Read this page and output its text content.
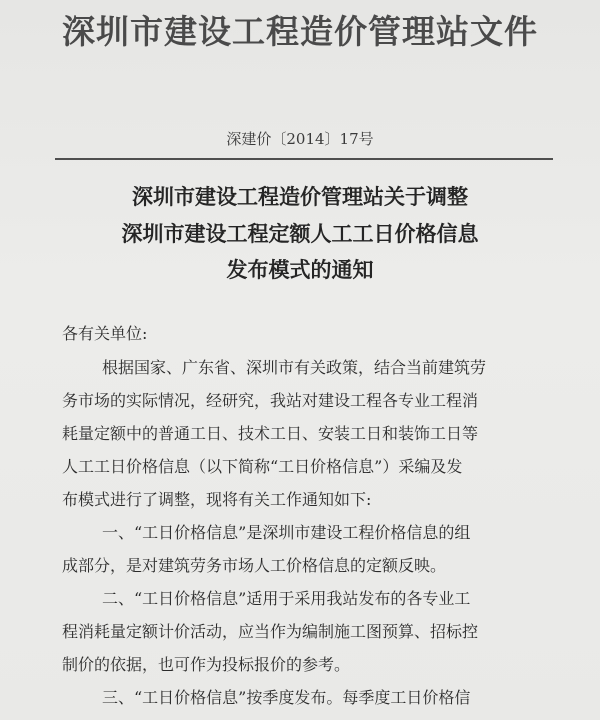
深圳市建设工程造价管理站文件
深建价〔2014〕17号
深圳市建设工程造价管理站关于调整
深圳市建设工程定额人工工日价格信息
发布模式的通知
各有关单位:
根据国家、广东省、深圳市有关政策，结合当前建筑劳
务市场的实际情况，经研究，我站对建设工程各专业工程消
耗量定额中的普通工日、技术工日、安装工日和装饰工日等
人工工日价格信息（以下简称“工日价格信息”）采编及发
布模式进行了调整，现将有关工作通知如下:
一、“工日价格信息”是深圳市建设工程价格信息的组
成部分，是对建筑劳务市场人工价格信息的定额反映。
二、“工日价格信息”适用于采用我站发布的各专业工
程消耗量定额计价活动，应当作为编制施工图预算、招标控
制价的依据，也可作为投标报价的参考。
三、“工日价格信息”按季度发布。每季度工日价格信
